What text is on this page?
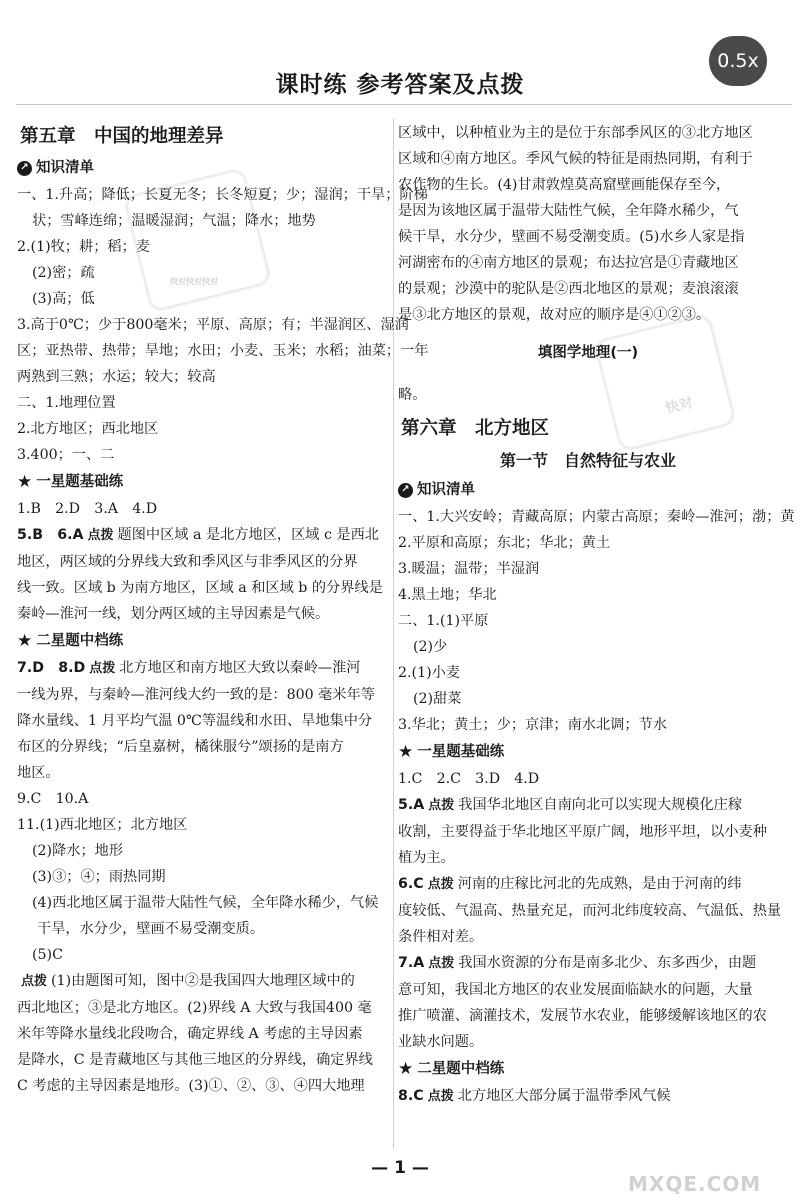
课时练 参考答案及点拨
0.5x
快对快对快对
快对
第五章　中国的地理差异
↗ 知识清单
一、1.升高；降低；长夏无冬；长冬短夏；少；湿润；干旱；阶梯
状；雪峰连绵；温暖湿润；气温；降水；地势
2.(1)牧；耕；稻；麦
(2)密；疏
(3)高；低
3.高于0℃；少于800毫米；平原、高原；有；半湿润区、湿润
区；亚热带、热带；旱地；水田；小麦、玉米；水稻；油菜；一年
两熟到三熟；水运；较大；较高
二、1.地理位置
2.北方地区；西北地区
3.400；一、二
★ 一星题基础练
1.B　2.D　3.A　4.D
5.B　6.A 点拨 题图中区域 a 是北方地区，区域 c 是西北
地区，两区域的分界线大致和季风区与非季风区的分界
线一致。区域 b 为南方地区，区域 a 和区域 b 的分界线是
秦岭—淮河一线，划分两区域的主导因素是气候。
★ 二星题中档练
7.D　8.D 点拨 北方地区和南方地区大致以秦岭—淮河
一线为界，与秦岭—淮河线大约一致的是：800 毫米年等
降水量线、1 月平均气温 0℃等温线和水田、旱地集中分
布区的分界线；“后皇嘉树，橘徕服兮”颂扬的是南方
地区。
9.C　10.A
11.(1)西北地区；北方地区
(2)降水；地形
(3)③；④；雨热同期
(4)西北地区属于温带大陆性气候，全年降水稀少，气候
干旱，水分少，壁画不易受潮变质。
(5)C
点拨 (1)由题图可知，图中②是我国四大地理区域中的
西北地区；③是北方地区。(2)界线 A 大致与我国400 毫
米年等降水量线北段吻合，确定界线 A 考虑的主导因素
是降水，C 是青藏地区与其他三地区的分界线，确定界线
C 考虑的主导因素是地形。(3)①、②、③、④四大地理
区域中，以种植业为主的是位于东部季风区的③北方地区
区域和④南方地区。季风气候的特征是雨热同期，有利于
农作物的生长。(4)甘肃敦煌莫高窟壁画能保存至今，
是因为该地区属于温带大陆性气候，全年降水稀少，气
候干旱，水分少，壁画不易受潮变质。(5)水乡人家是指
河湖密布的④南方地区的景观；布达拉宫是①青藏地区
的景观；沙漠中的驼队是②西北地区的景观；麦浪滚滚
是③北方地区的景观，故对应的顺序是④①②③。
填图学地理(一)
略。
第六章　北方地区
第一节　自然特征与农业
↗ 知识清单
一、1.大兴安岭；青藏高原；内蒙古高原；秦岭—淮河；渤；黄
2.平原和高原；东北；华北；黄土
3.暖温；温带；半湿润
4.黑土地；华北
二、1.(1)平原
(2)少
2.(1)小麦
(2)甜菜
3.华北；黄土；少；京津；南水北调；节水
★ 一星题基础练
1.C　2.C　3.D　4.D
5.A 点拨 我国华北地区自南向北可以实现大规模化庄稼
收割，主要得益于华北地区平原广阔，地形平坦，以小麦种
植为主。
6.C 点拨 河南的庄稼比河北的先成熟，是由于河南的纬
度较低、气温高、热量充足，而河北纬度较高、气温低、热量
条件相对差。
7.A 点拨 我国水资源的分布是南多北少、东多西少，由题
意可知，我国北方地区的农业发展面临缺水的问题，大量
推广喷灌、滴灌技术，发展节水农业，能够缓解该地区的农
业缺水问题。
★ 二星题中档练
8.C 点拨 北方地区大部分属于温带季风气候
— 1 —
MXQE.COM
